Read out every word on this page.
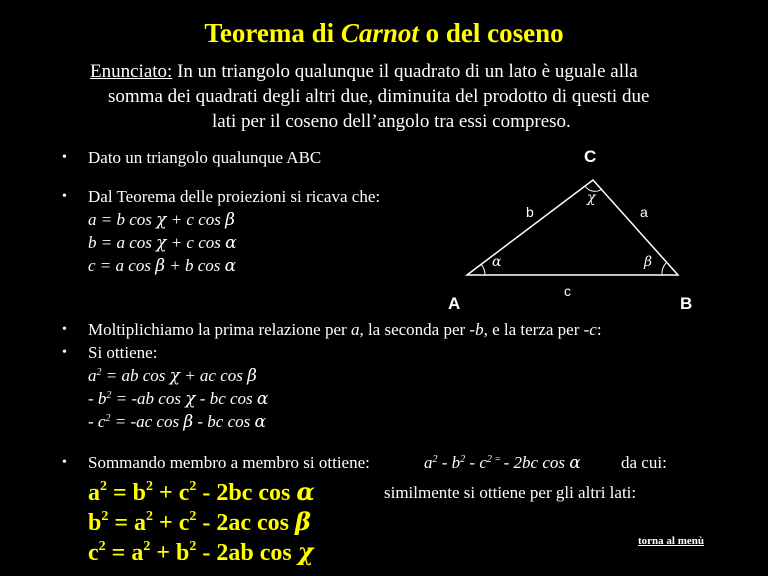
Teorema di Carnot o del coseno
Enunciato: In un triangolo qualunque il quadrato di un lato è uguale alla
somma dei quadrati degli altri due, diminuita del prodotto di questi due
lati per il coseno dell’angolo tra essi compreso.
• Dato un triangolo qualunque ABC
• Dal Teorema delle proiezioni si ricava che:
a = b cos χ + c cos β
b = a cos χ + c cos α
c = a cos β + b cos α
C
A	B
b	a
c
χ
α	β
• Moltiplichiamo la prima relazione per a, la seconda per -b, e la terza per -c:
• Si ottiene:
$a^2$ = ab cos χ + ac cos β
- $b^2 = -ab$ cos χ - bc cos α
- $c^2 = -ac$ cos β - bc cos α
• Sommando membro a membro si ottiene:	$a^2 - b^2 - c^2$ = - 2bc cos α da cui:
$a^2 = b^2 + c^2 - 2bc$ cos α	similmente si ottiene per gli altri lati:
$b^2 = a^2 + c^2 - 2ac$ cos β
$c^2 = a^2 + b^2 - 2ab$ cos χ	torna al menù
